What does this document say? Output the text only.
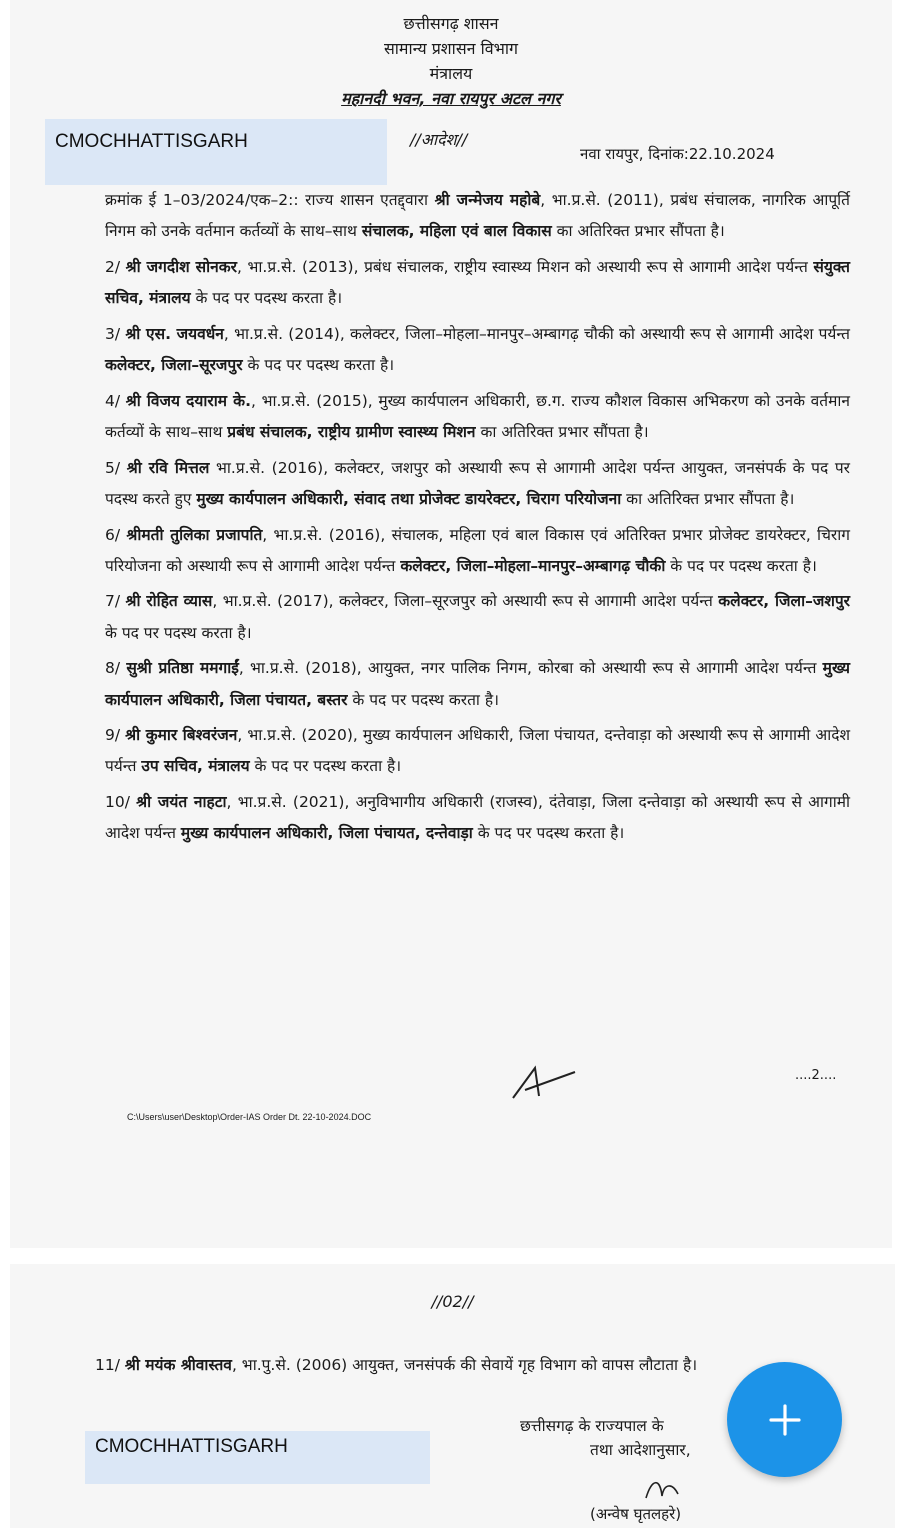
छत्तीसगढ़ शासन
सामान्य प्रशासन विभाग
मंत्रालय
महानदी भवन, नवा रायपुर अटल नगर
CMOCHHATTISGARH	//आदेश//
नवा रायपुर, दिनांक:22.10.2024

क्रमांक ई 1–03/2024/एक–2:: राज्य शासन एतद्द्वारा श्री जन्मेजय महोबे, भा.प्र.से. (2011), प्रबंध संचालक, नागरिक आपूर्ति निगम को उनके वर्तमान कर्तव्यों के साथ–साथ संचालक, महिला एवं बाल विकास का अतिरिक्त प्रभार सौंपता है।

2/ श्री जगदीश सोनकर, भा.प्र.से. (2013), प्रबंध संचालक, राष्ट्रीय स्वास्थ्य मिशन को अस्थायी रूप से आगामी आदेश पर्यन्त संयुक्त सचिव, मंत्रालय के पद पर पदस्थ करता है।

3/ श्री एस. जयवर्धन, भा.प्र.से. (2014), कलेक्टर, जिला–मोहला–मानपुर–अम्बागढ़ चौकी को अस्थायी रूप से आगामी आदेश पर्यन्त कलेक्टर, जिला–सूरजपुर के पद पर पदस्थ करता है।

4/ श्री विजय दयाराम के., भा.प्र.से. (2015), मुख्य कार्यपालन अधिकारी, छ.ग. राज्य कौशल विकास अभिकरण को उनके वर्तमान कर्तव्यों के साथ–साथ प्रबंध संचालक, राष्ट्रीय ग्रामीण स्वास्थ्य मिशन का अतिरिक्त प्रभार सौंपता है।

5/ श्री रवि मित्तल भा.प्र.से. (2016), कलेक्टर, जशपुर को अस्थायी रूप से आगामी आदेश पर्यन्त आयुक्त, जनसंपर्क के पद पर पदस्थ करते हुए मुख्य कार्यपालन अधिकारी, संवाद तथा प्रोजेक्ट डायरेक्टर, चिराग परियोजना का अतिरिक्त प्रभार सौंपता है।

6/ श्रीमती तुलिका प्रजापति, भा.प्र.से. (2016), संचालक, महिला एवं बाल विकास एवं अतिरिक्त प्रभार प्रोजेक्ट डायरेक्टर, चिराग परियोजना को अस्थायी रूप से आगामी आदेश पर्यन्त कलेक्टर, जिला–मोहला–मानपुर–अम्बागढ़ चौकी के पद पर पदस्थ करता है।

7/ श्री रोहित व्यास, भा.प्र.से. (2017), कलेक्टर, जिला–सूरजपुर को अस्थायी रूप से आगामी आदेश पर्यन्त कलेक्टर, जिला–जशपुर के पद पर पदस्थ करता है।

8/ सुश्री प्रतिष्ठा ममगाईं, भा.प्र.से. (2018), आयुक्त, नगर पालिक निगम, कोरबा को अस्थायी रूप से आगामी आदेश पर्यन्त मुख्य कार्यपालन अधिकारी, जिला पंचायत, बस्तर के पद पर पदस्थ करता है।

9/ श्री कुमार बिश्वरंजन, भा.प्र.से. (2020), मुख्य कार्यपालन अधिकारी, जिला पंचायत, दन्तेवाड़ा को अस्थायी रूप से आगामी आदेश पर्यन्त उप सचिव, मंत्रालय के पद पर पदस्थ करता है।

10/ श्री जयंत नाहटा, भा.प्र.से. (2021), अनुविभागीय अधिकारी (राजस्व), दंतेवाड़ा, जिला दन्तेवाड़ा को अस्थायी रूप से आगामी आदेश पर्यन्त मुख्य कार्यपालन अधिकारी, जिला पंचायत, दन्तेवाड़ा के पद पर पदस्थ करता है।

....2....
C:\Users\user\Desktop\Order-IAS Order Dt. 22-10-2024.DOC
//02//

11/ श्री मयंक श्रीवास्तव, भा.पु.से. (2006) आयुक्त, जनसंपर्क की सेवायें गृह विभाग को वापस लौटाता है।

CMOCHHATTISGARH
छत्तीसगढ़ के राज्यपाल के
तथा आदेशानुसार,
(अन्वेष घृतलहरे)
